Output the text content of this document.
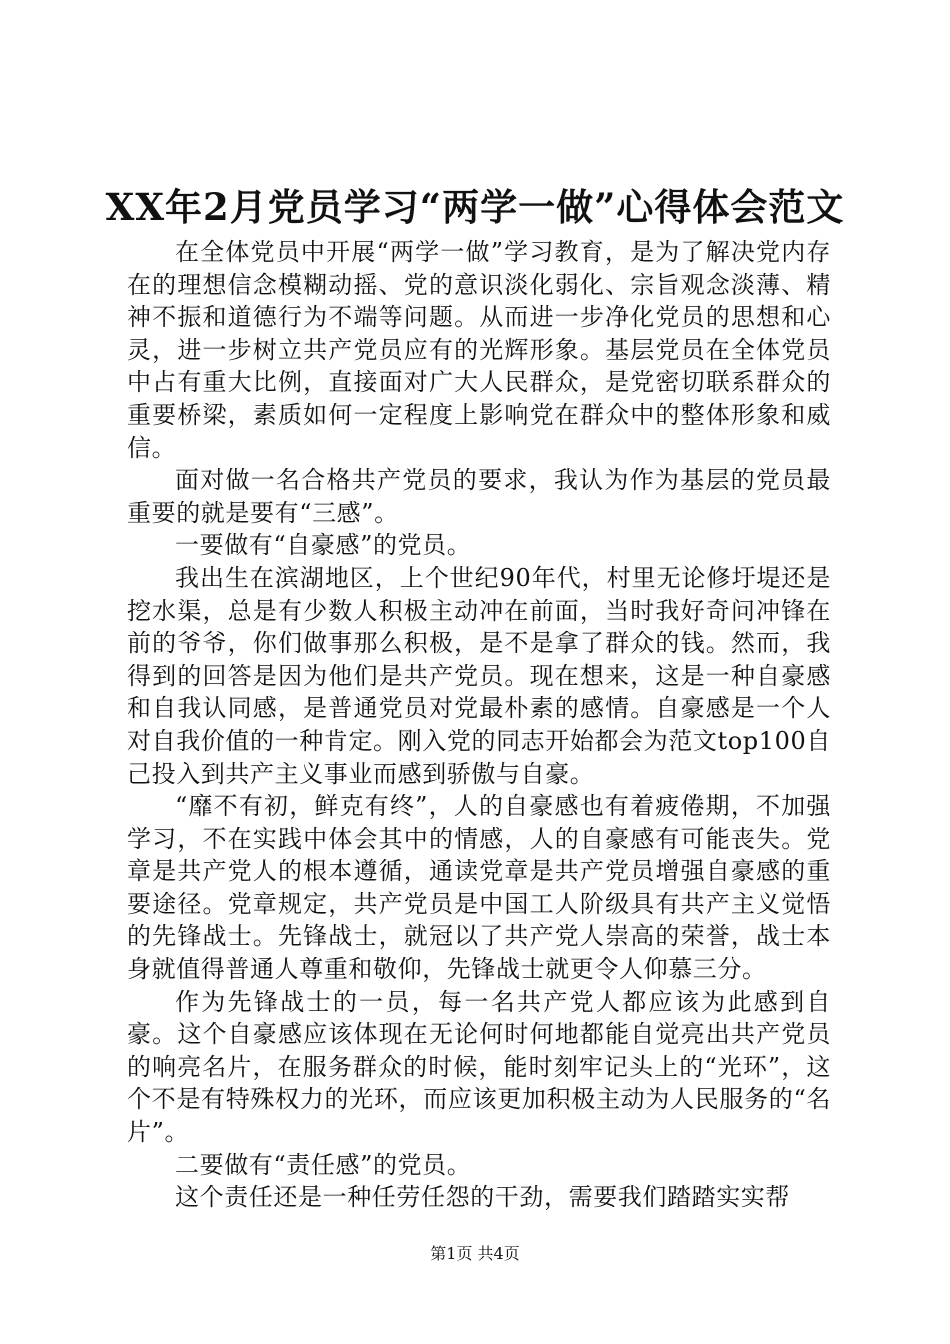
XX年2月党员学习“两学一做”心得体会范文

在全体党员中开展“两学一做”学习教育，是为了解决党内存在的理想信念模糊动摇、党的意识淡化弱化、宗旨观念淡薄、精神不振和道德行为不端等问题。从而进一步净化党员的思想和心灵，进一步树立共产党员应有的光辉形象。基层党员在全体党员中占有重大比例，直接面对广大人民群众，是党密切联系群众的重要桥梁，素质如何一定程度上影响党在群众中的整体形象和威信。

面对做一名合格共产党员的要求，我认为作为基层的党员最重要的就是要有“三感”。

一要做有“自豪感”的党员。

我出生在滨湖地区，上个世纪90年代，村里无论修圩堤还是挖水渠，总是有少数人积极主动冲在前面，当时我好奇问冲锋在前的爷爷，你们做事那么积极，是不是拿了群众的钱。然而，我得到的回答是因为他们是共产党员。现在想来，这是一种自豪感和自我认同感，是普通党员对党最朴素的感情。自豪感是一个人对自我价值的一种肯定。刚入党的同志开始都会为范文top100自己投入到共产主义事业而感到骄傲与自豪。

“靡不有初，鲜克有终”，人的自豪感也有着疲倦期，不加强学习，不在实践中体会其中的情感，人的自豪感有可能丧失。党章是共产党人的根本遵循，通读党章是共产党员增强自豪感的重要途径。党章规定，共产党员是中国工人阶级具有共产主义觉悟的先锋战士。先锋战士，就冠以了共产党人崇高的荣誉，战士本身就值得普通人尊重和敬仰，先锋战士就更令人仰慕三分。

作为先锋战士的一员，每一名共产党人都应该为此感到自豪。这个自豪感应该体现在无论何时何地都能自觉亮出共产党员的响亮名片，在服务群众的时候，能时刻牢记头上的“光环”，这个不是有特殊权力的光环，而应该更加积极主动为人民服务的“名片”。

二要做有“责任感”的党员。

这个责任还是一种任劳任怨的干劲，需要我们踏踏实实帮

第1页 共4页
